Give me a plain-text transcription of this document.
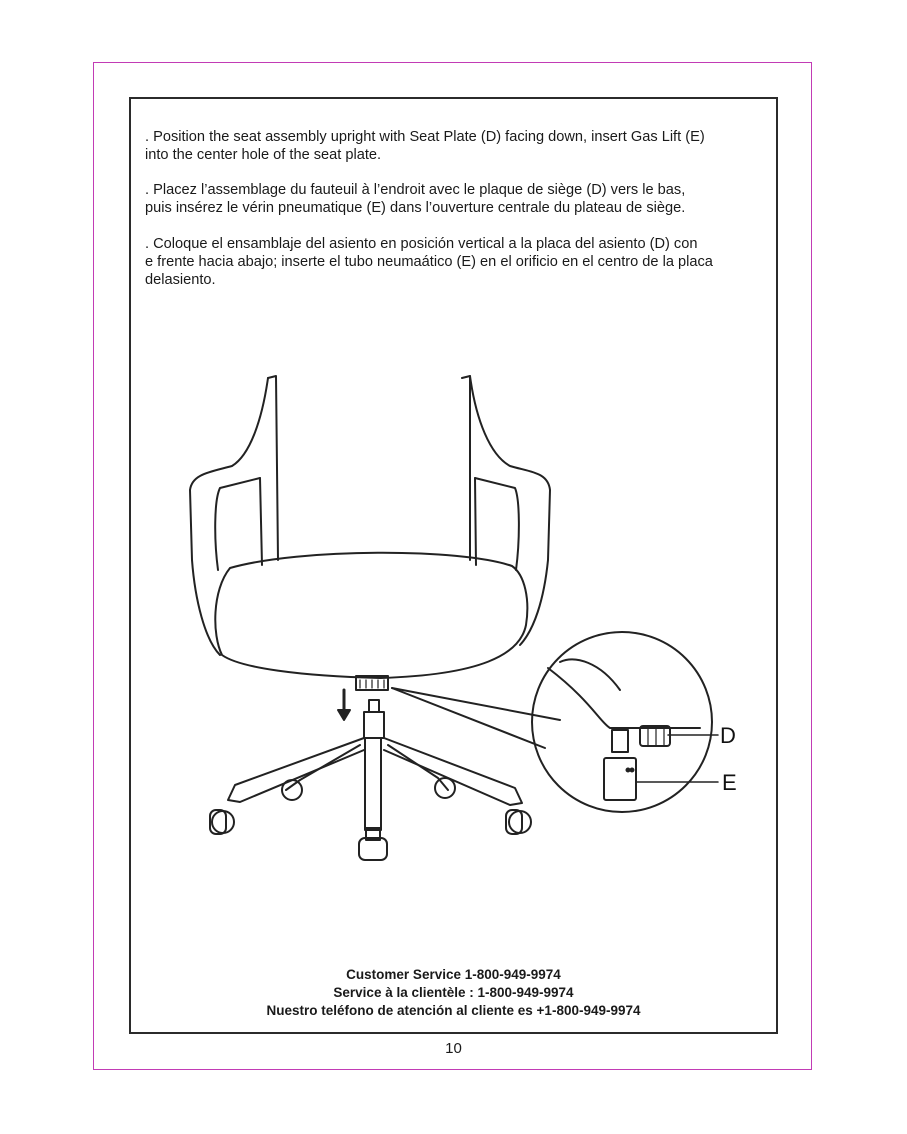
. Position the seat assembly upright with Seat Plate (D) facing down, insert Gas Lift (E)
into the center hole of the seat plate.
. Placez l’assemblage du fauteuil à l’endroit avec le plaque de siège (D) vers le bas,
puis insérez le vérin pneumatique (E) dans l’ouverture centrale du plateau de siège.
. Coloque el ensamblaje del asiento en posición vertical a la placa del asiento (D) con
e frente hacia abajo; inserte el tubo neumaático (E) en el orificio en el centro de la placa
delasiento.
Customer Service 1-800-949-9974
Service à la clientèle : 1-800-949-9974
Nuestro teléfono de atención al cliente es +1-800-949-9974
D
E
10
